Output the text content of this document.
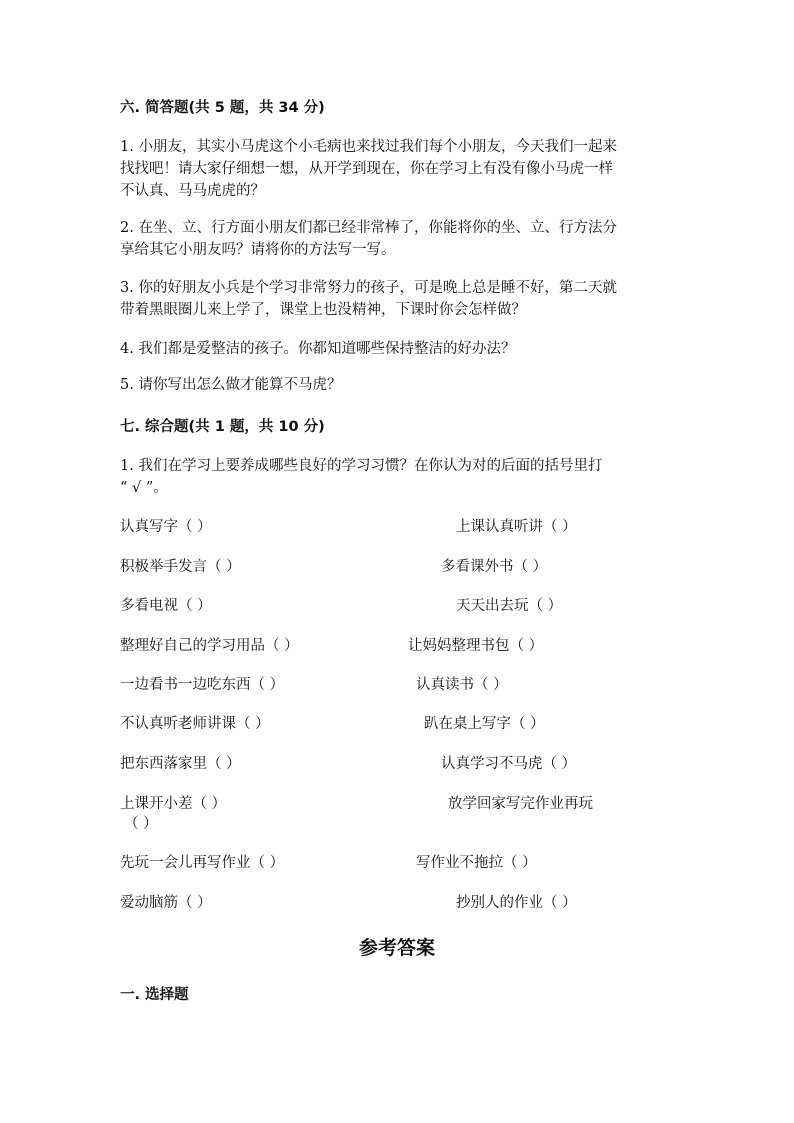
六. 简答题(共 5 题，共 34 分)
1. 小朋友，其实小马虎这个小毛病也来找过我们每个小朋友，今天我们一起来
找找吧！请大家仔细想一想，从开学到现在，你在学习上有没有像小马虎一样
不认真、马马虎虎的？
2. 在坐、立、行方面小朋友们都已经非常棒了，你能将你的坐、立、行方法分
享给其它小朋友吗？请将你的方法写一写。
3. 你的好朋友小兵是个学习非常努力的孩子，可是晚上总是睡不好，第二天就
带着黑眼圈儿来上学了，课堂上也没精神，下课时你会怎样做？
4. 我们都是爱整洁的孩子。你都知道哪些保持整洁的好办法？
5. 请你写出怎么做才能算不马虎？
七. 综合题(共 1 题，共 10 分)
1. 我们在学习上要养成哪些良好的学习习惯？在你认为对的后面的括号里打
“ √ ”。
认真写字（ ）	上课认真听讲（ ）
积极举手发言（ ）	多看课外书（ ）
多看电视（ ）	天天出去玩（ ）
整理好自己的学习用品（ ）	让妈妈整理书包（ ）
一边看书一边吃东西（ ）	认真读书（ ）
不认真听老师讲课（ ）	趴在桌上写字（ ）
把东西落家里（ ）	认真学习不马虎（ ）
上课开小差（ ）	放学回家写完作业再玩
（ ）
先玩一会儿再写作业（ ）	写作业不拖拉（ ）
爱动脑筋（ ）	抄别人的作业（ ）
参考答案
一. 选择题
